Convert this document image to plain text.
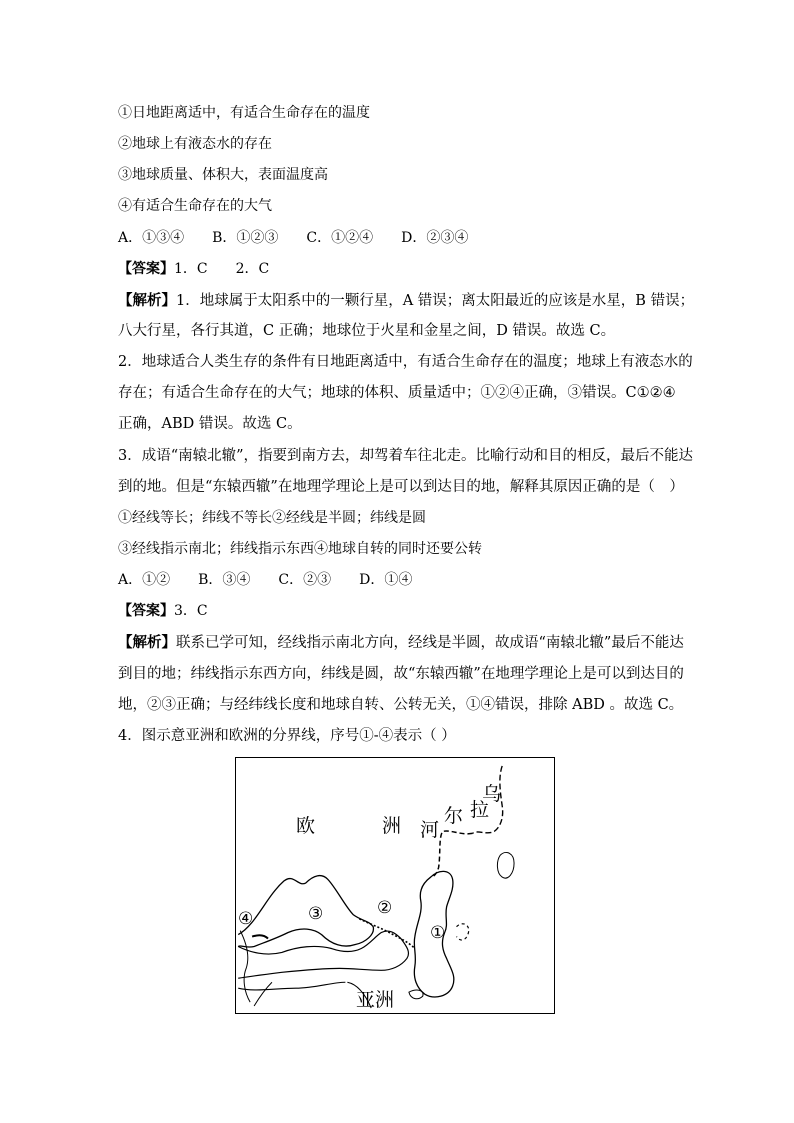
①日地距离适中，有适合生命存在的温度
②地球上有液态水的存在
③地球质量、体积大，表面温度高
④有适合生命存在的大气
A．①③④ B．①②③ C．①②④ D．②③④
【答案】1．C　　2．C
【解析】1．地球属于太阳系中的一颗行星，A 错误；离太阳最近的应该是水星，B 错误；
八大行星，各行其道，C 正确；地球位于火星和金星之间，D 错误。故选 C。
2．地球适合人类生存的条件有日地距离适中，有适合生命存在的温度；地球上有液态水的
存在；有适合生命存在的大气；地球的体积、质量适中；①②④正确，③错误。C①②④
正确，ABD 错误。故选 C。
3．成语“南辕北辙”，指要到南方去，却驾着车往北走。比喻行动和目的相反，最后不能达
到的地。但是“东辕西辙”在地理学理论上是可以到达目的地，解释其原因正确的是（　）
①经线等长；纬线不等长②经线是半圆；纬线是圆
③经线指示南北；纬线指示东西④地球自转的同时还要公转
A．①② B．③④ C．②③ D．①④
【答案】3．C
【解析】联系已学可知，经线指示南北方向，经线是半圆，故成语“南辕北辙”最后不能达
到目的地；纬线指示东西方向，纬线是圆，故“东辕西辙”在地理学理论上是可以到达目的
地，②③正确；与经纬线长度和地球自转、公转无关，①④错误，排除 ABD 。故选 C。
4．图示意亚洲和欧洲的分界线，序号①-④表示（ ）
欧	洲 河
尔 拉
乌
亚洲
①
②
③
④
